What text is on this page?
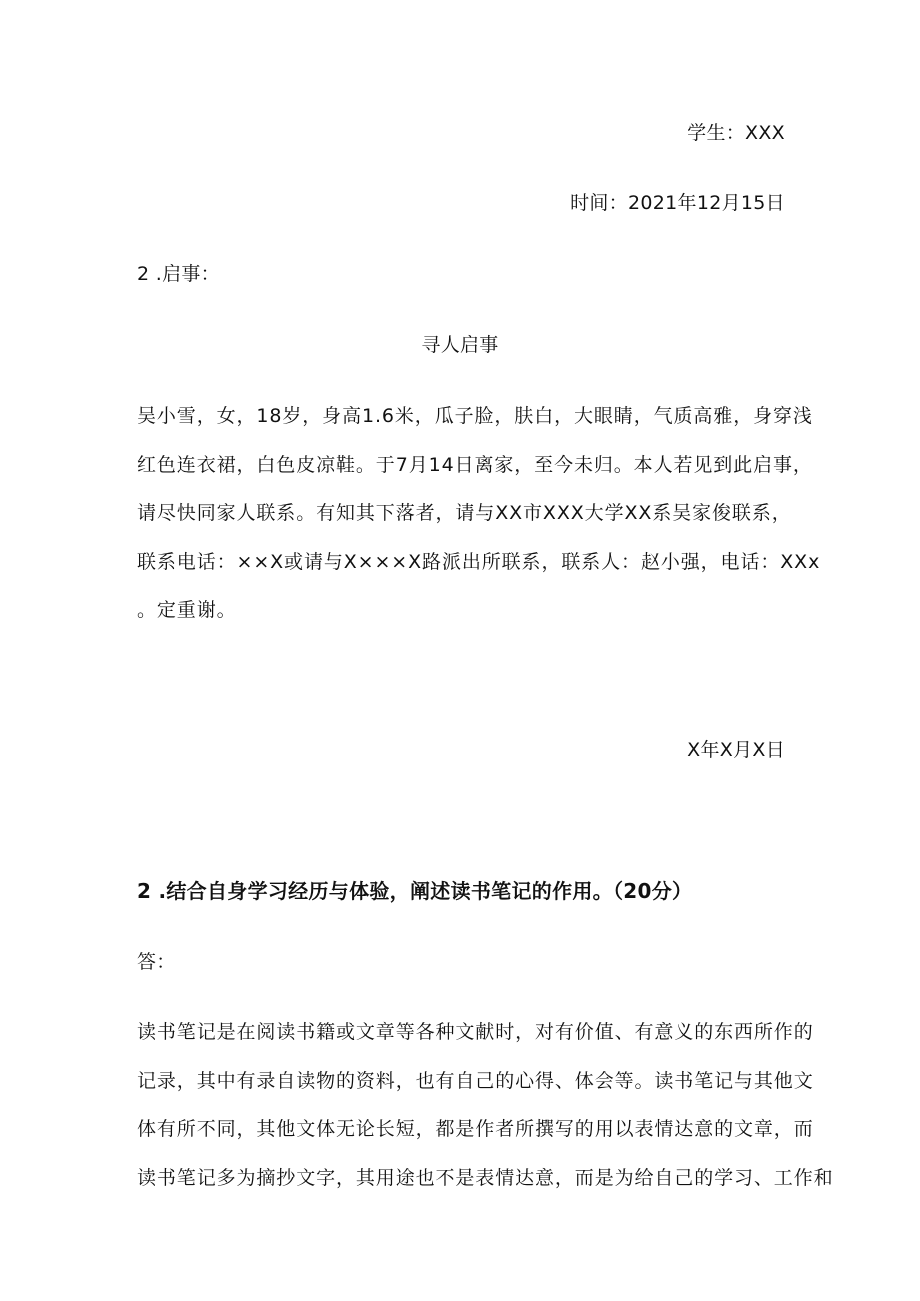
学生：XXX
时间：2021年12月15日
2 .启事：
寻人启事
吴小雪，女，18岁，身高1.6米，瓜子脸，肤白，大眼睛，气质高雅，身穿浅
红色连衣裙，白色皮凉鞋。于7月14日离家，至今未归。本人若见到此启事，
请尽快同家人联系。有知其下落者，请与XX市XXX大学XX系吴家俊联系，
联系电话：××X或请与X×××X路派出所联系，联系人：赵小强，电话：XXx
。定重谢。
X年X月X日
2 .结合自身学习经历与体验，阐述读书笔记的作用。（20分）
答：
读书笔记是在阅读书籍或文章等各种文献时，对有价值、有意义的东西所作的
记录，其中有录自读物的资料，也有自己的心得、体会等。读书笔记与其他文
体有所不同，其他文体无论长短，都是作者所撰写的用以表情达意的文章，而
读书笔记多为摘抄文字，其用途也不是表情达意，而是为给自己的学习、工作和
